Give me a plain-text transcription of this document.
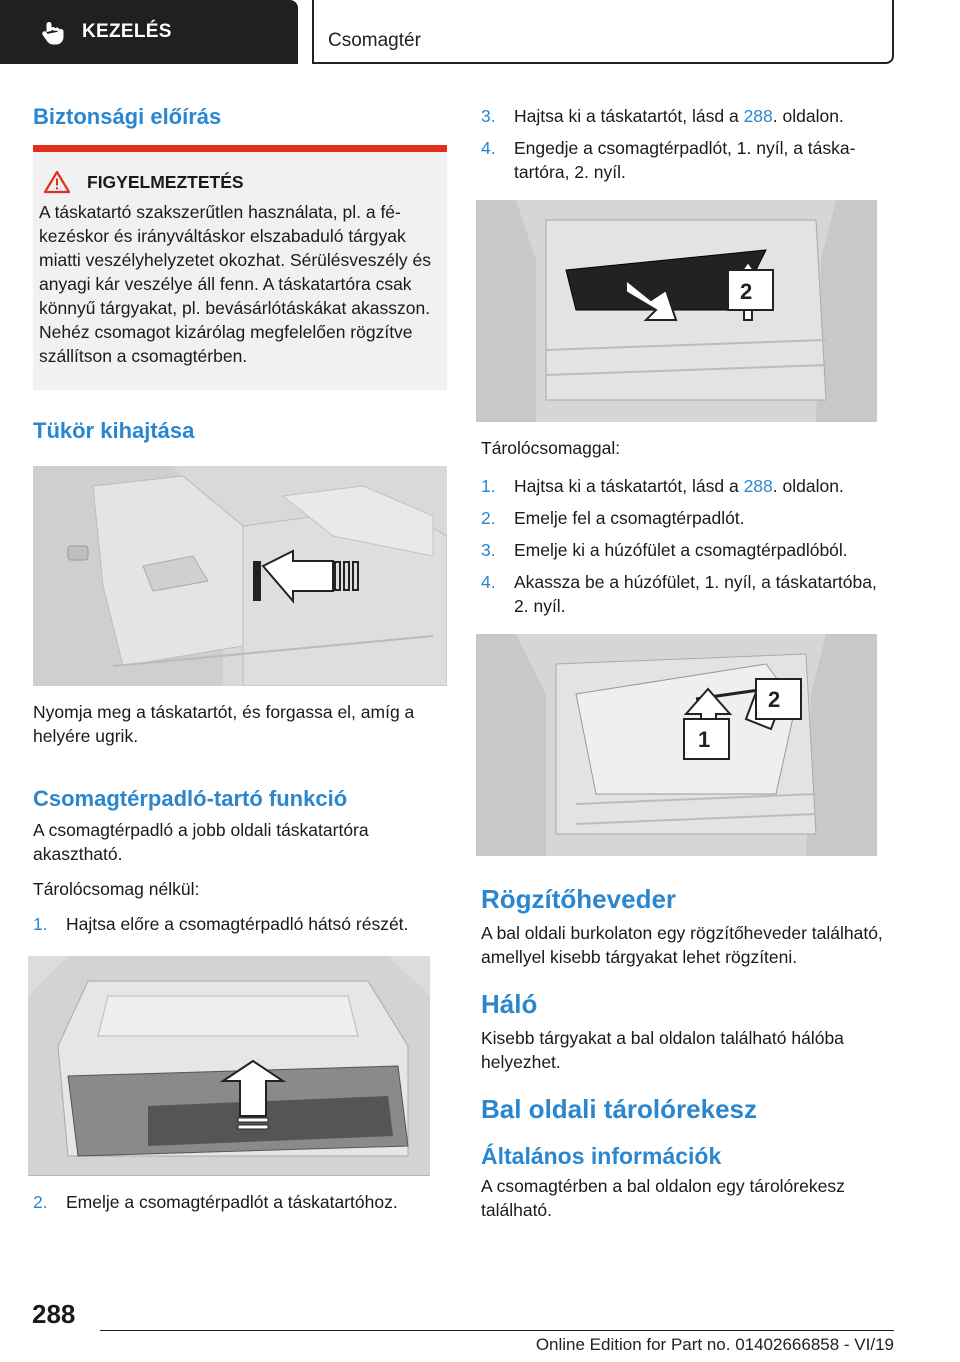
KEZELÉS	Csomagtér
Biztonsági előírás
FIGYELMEZTETÉS

A táskatartó szakszerűtlen használata, pl. a fékezéskor és irányváltáskor elszabaduló tárgyak miatti veszélyhelyzetet okozhat. Sérülésveszély és anyagi kár veszélye áll fenn. A táskatartóra csak könnyű tárgyakat, pl. bevásárlótáskákat akasszon. Nehéz csomagot kizárólag megfelelően rögzítve szállítson a csomagtérben.

Tükör kihajtása

Nyomja meg a táskatartót, és forgassa el, amíg a helyére ugrik.

Csomagtérpadló-tartó funkció

A csomagtérpadló a jobb oldali táskatartóra akasztható.

Tárolócsomag nélkül:

1. Hajtsa előre a csomagtérpadló hátsó részét.
2. Emelje a csomagtérpadlót a táskatartóhoz.
3. Hajtsa ki a táskatartót, lásd a 288. oldalon.
4. Engedje a csomagtérpadlót, 1. nyíl, a táskatartóra, 2. nyíl.
1	2

Tárolócsomaggal:

1. Hajtsa ki a táskatartót, lásd a 288. oldalon.
2. Emelje fel a csomagtérpadlót.
3. Emelje ki a húzófület a csomagtérpadlóból.
4. Akassza be a húzófület, 1. nyíl, a táskatartóba, 2. nyíl.
1
2
Rögzítőheveder

A bal oldali burkolaton egy rögzítőheveder található, amellyel kisebb tárgyakat lehet rögzíteni.

Háló

Kisebb tárgyakat a bal oldalon található hálóba helyezhet.

Bal oldali tárolórekesz
Általános információk

A csomagtérben a bal oldalon egy tárolórekesz található.

288
Online Edition for Part no. 01402666858 - VI/19
